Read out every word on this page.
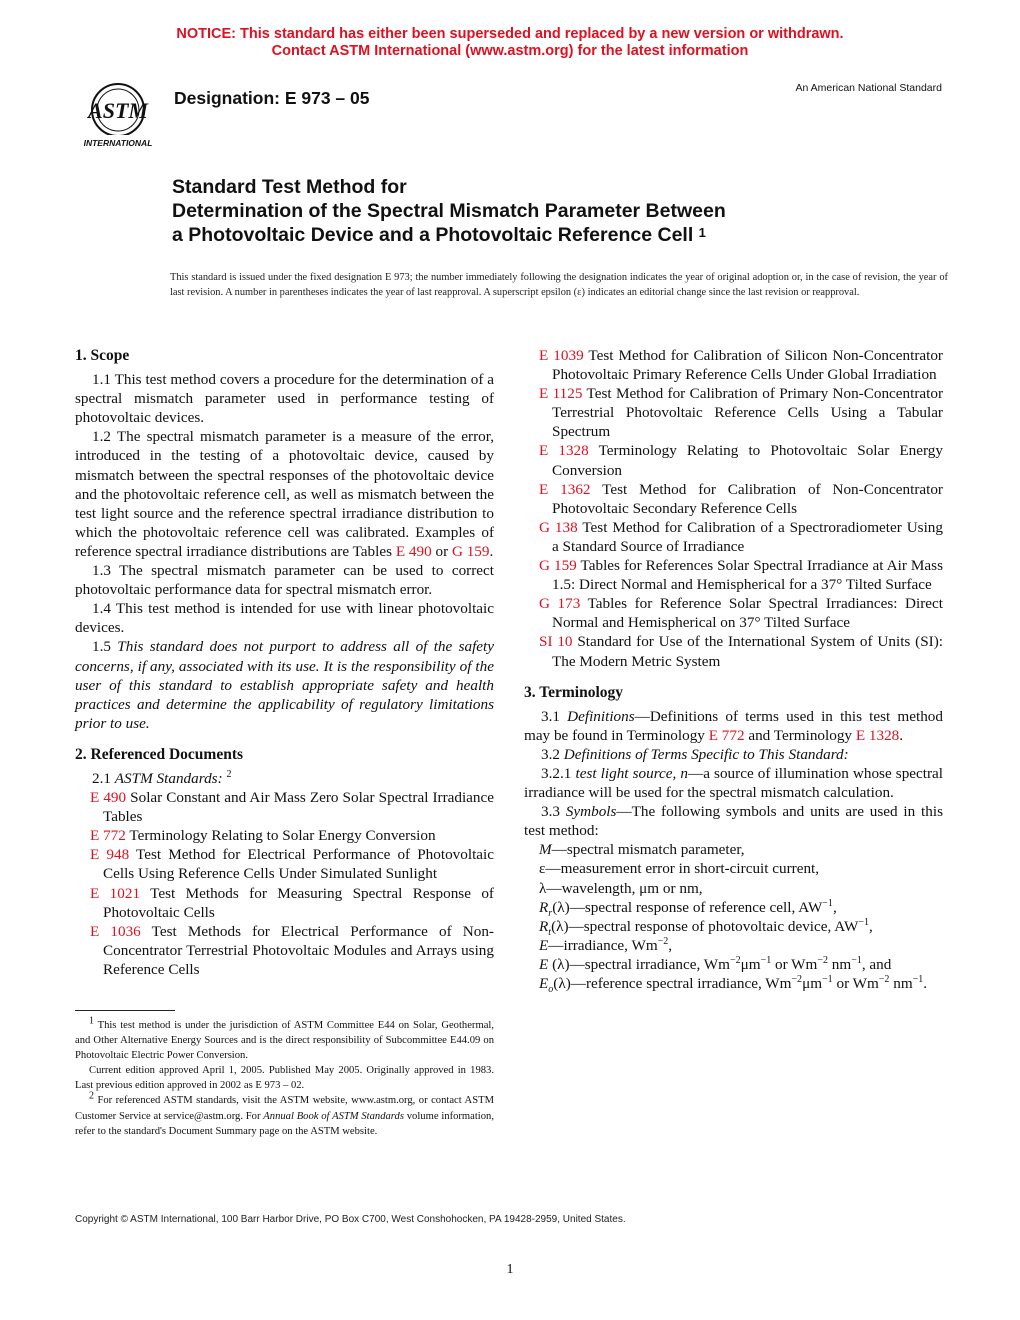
NOTICE: This standard has either been superseded and replaced by a new version or withdrawn.
Contact ASTM International (www.astm.org) for the latest information
ASTM
INTERNATIONAL
Designation: E 973 – 05	An American National Standard
Standard Test Method for
Determination of the Spectral Mismatch Parameter Between
a Photovoltaic Device and a Photovoltaic Reference Cell $^1$
This standard is issued under the fixed designation E 973; the number immediately following the designation indicates the year of original adoption or, in the case of revision, the year of last revision. A number in parentheses indicates the year of last reapproval. A superscript epsilon (ε) indicates an editorial change since the last revision or reapproval.
1. Scope

1.1 This test method covers a procedure for the determination of a spectral mismatch parameter used in performance testing of photovoltaic devices.

1.2 The spectral mismatch parameter is a measure of the error, introduced in the testing of a photovoltaic device, caused by mismatch between the spectral responses of the photovoltaic device and the photovoltaic reference cell, as well as mismatch between the test light source and the reference spectral irradiance distribution to which the photovoltaic reference cell was calibrated. Examples of reference spectral irradiance distributions are Tables E 490 or G 159.

1.3 The spectral mismatch parameter can be used to correct photovoltaic performance data for spectral mismatch error.

1.4 This test method is intended for use with linear photovoltaic devices.

1.5 This standard does not purport to address all of the safety concerns, if any, associated with its use. It is the responsibility of the user of this standard to establish appropriate safety and health practices and determine the applicability of regulatory limitations prior to use.

2. Referenced Documents

2.1 ASTM Standards: $^2$

E 490 Solar Constant and Air Mass Zero Solar Spectral Irradiance Tables

E 772 Terminology Relating to Solar Energy Conversion

E 948 Test Method for Electrical Performance of Photovoltaic Cells Using Reference Cells Under Simulated Sunlight

E 1021 Test Methods for Measuring Spectral Response of Photovoltaic Cells

E 1036 Test Methods for Electrical Performance of Non-Concentrator Terrestrial Photovoltaic Modules and Arrays using Reference Cells

E 1039 Test Method for Calibration of Silicon Non-Concentrator Photovoltaic Primary Reference Cells Under Global Irradiation

E 1125 Test Method for Calibration of Primary Non-Concentrator Terrestrial Photovoltaic Reference Cells Using a Tabular Spectrum

E 1328 Terminology Relating to Photovoltaic Solar Energy Conversion

E 1362 Test Method for Calibration of Non-Concentrator Photovoltaic Secondary Reference Cells

G 138 Test Method for Calibration of a Spectroradiometer Using a Standard Source of Irradiance

G 159 Tables for References Solar Spectral Irradiance at Air Mass 1.5: Direct Normal and Hemispherical for a 37° Tilted Surface

G 173 Tables for Reference Solar Spectral Irradiances: Direct Normal and Hemispherical on 37° Tilted Surface

SI 10 Standard for Use of the International System of Units (SI): The Modern Metric System

3. Terminology

3.1 Definitions—Definitions of terms used in this test method may be found in Terminology E 772 and Terminology E 1328.

3.2 Definitions of Terms Specific to This Standard:

3.2.1 test light source, n—a source of illumination whose spectral irradiance will be used for the spectral mismatch calculation.

3.3 Symbols—The following symbols and units are used in this test method:

M—spectral mismatch parameter,

ε—measurement error in short-circuit current,

λ—wavelength, μm or nm,

$R_r(\lambda)—spectral$ response of reference cell, $AW^{-1}$,

$R_t(\lambda)—spectral$ response of photovoltaic device, $AW^{-1}$,

E—irradiance, $Wm^{-2}$,

E (λ)—spectral irradiance, $Wm^{-2}\mu m^{-1}$ or $Wm^{-2}$ $nm^{-1}$, and

$E_o(\lambda)—reference$ spectral irradiance, $Wm^{-2}\mu m^{-1}$ or $Wm^{-2}$ $nm^{-1}$.

$^1$ This test method is under the jurisdiction of ASTM Committee E44 on Solar, Geothermal, and Other Alternative Energy Sources and is the direct responsibility of Subcommittee E44.09 on Photovoltaic Electric Power Conversion.

Current edition approved April 1, 2005. Published May 2005. Originally approved in 1983. Last previous edition approved in 2002 as E 973 – 02.

$^2$ For referenced ASTM standards, visit the ASTM website, www.astm.org, or contact ASTM Customer Service at service@astm.org. For Annual Book of ASTM Standards volume information, refer to the standard's Document Summary page on the ASTM website.

Copyright © ASTM International, 100 Barr Harbor Drive, PO Box C700, West Conshohocken, PA 19428-2959, United States.
1
